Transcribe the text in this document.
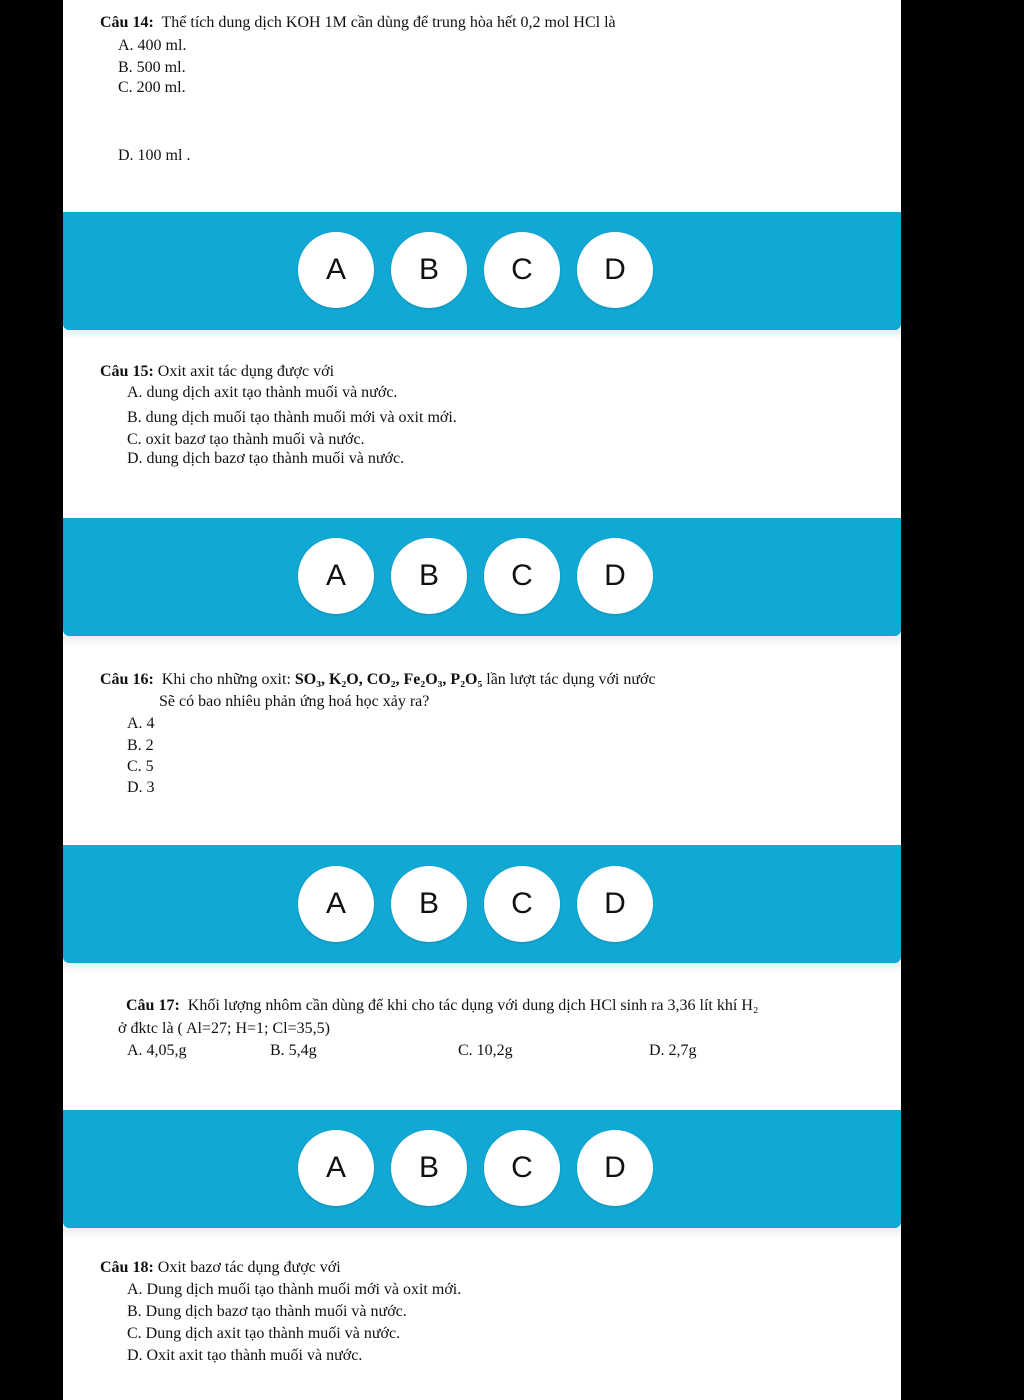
Câu 14: Thể tích dung dịch KOH 1M cần dùng để trung hòa hết 0,2 mol HCl là
A. 400 ml.
B. 500 ml.
C. 200 ml.
D. 100 ml .
A	B	C	D
Câu 15: Oxit axit tác dụng được với
A. dung dịch axit tạo thành muối và nước.
B. dung dịch muối tạo thành muối mới và oxit mới.
C. oxit bazơ tạo thành muối và nước.
D. dung dịch bazơ tạo thành muối và nước.
A	B	C	D
Câu 16: Khi cho những oxit: SO₃, K₂O, CO₂, Fe₂O₃, P₂O₅ lần lượt tác dụng với nước
Sẽ có bao nhiêu phản ứng hoá học xảy ra?
A. 4
B. 2
C. 5
D. 3
A	B	C	D
Câu 17: Khối lượng nhôm cần dùng để khi cho tác dụng với dung dịch HCl sinh ra 3,36 lít khí H₂
ở đktc là ( Al=27; H=1; Cl=35,5)
A. 4,05,g	B. 5,4g	C. 10,2g	D. 2,7g
A	B	C	D
Câu 18: Oxit bazơ tác dụng được với
A. Dung dịch muối tạo thành muối mới và oxit mới.
B. Dung dịch bazơ tạo thành muối và nước.
C. Dung dịch axit tạo thành muối và nước.
D. Oxit axit tạo thành muối và nước.
